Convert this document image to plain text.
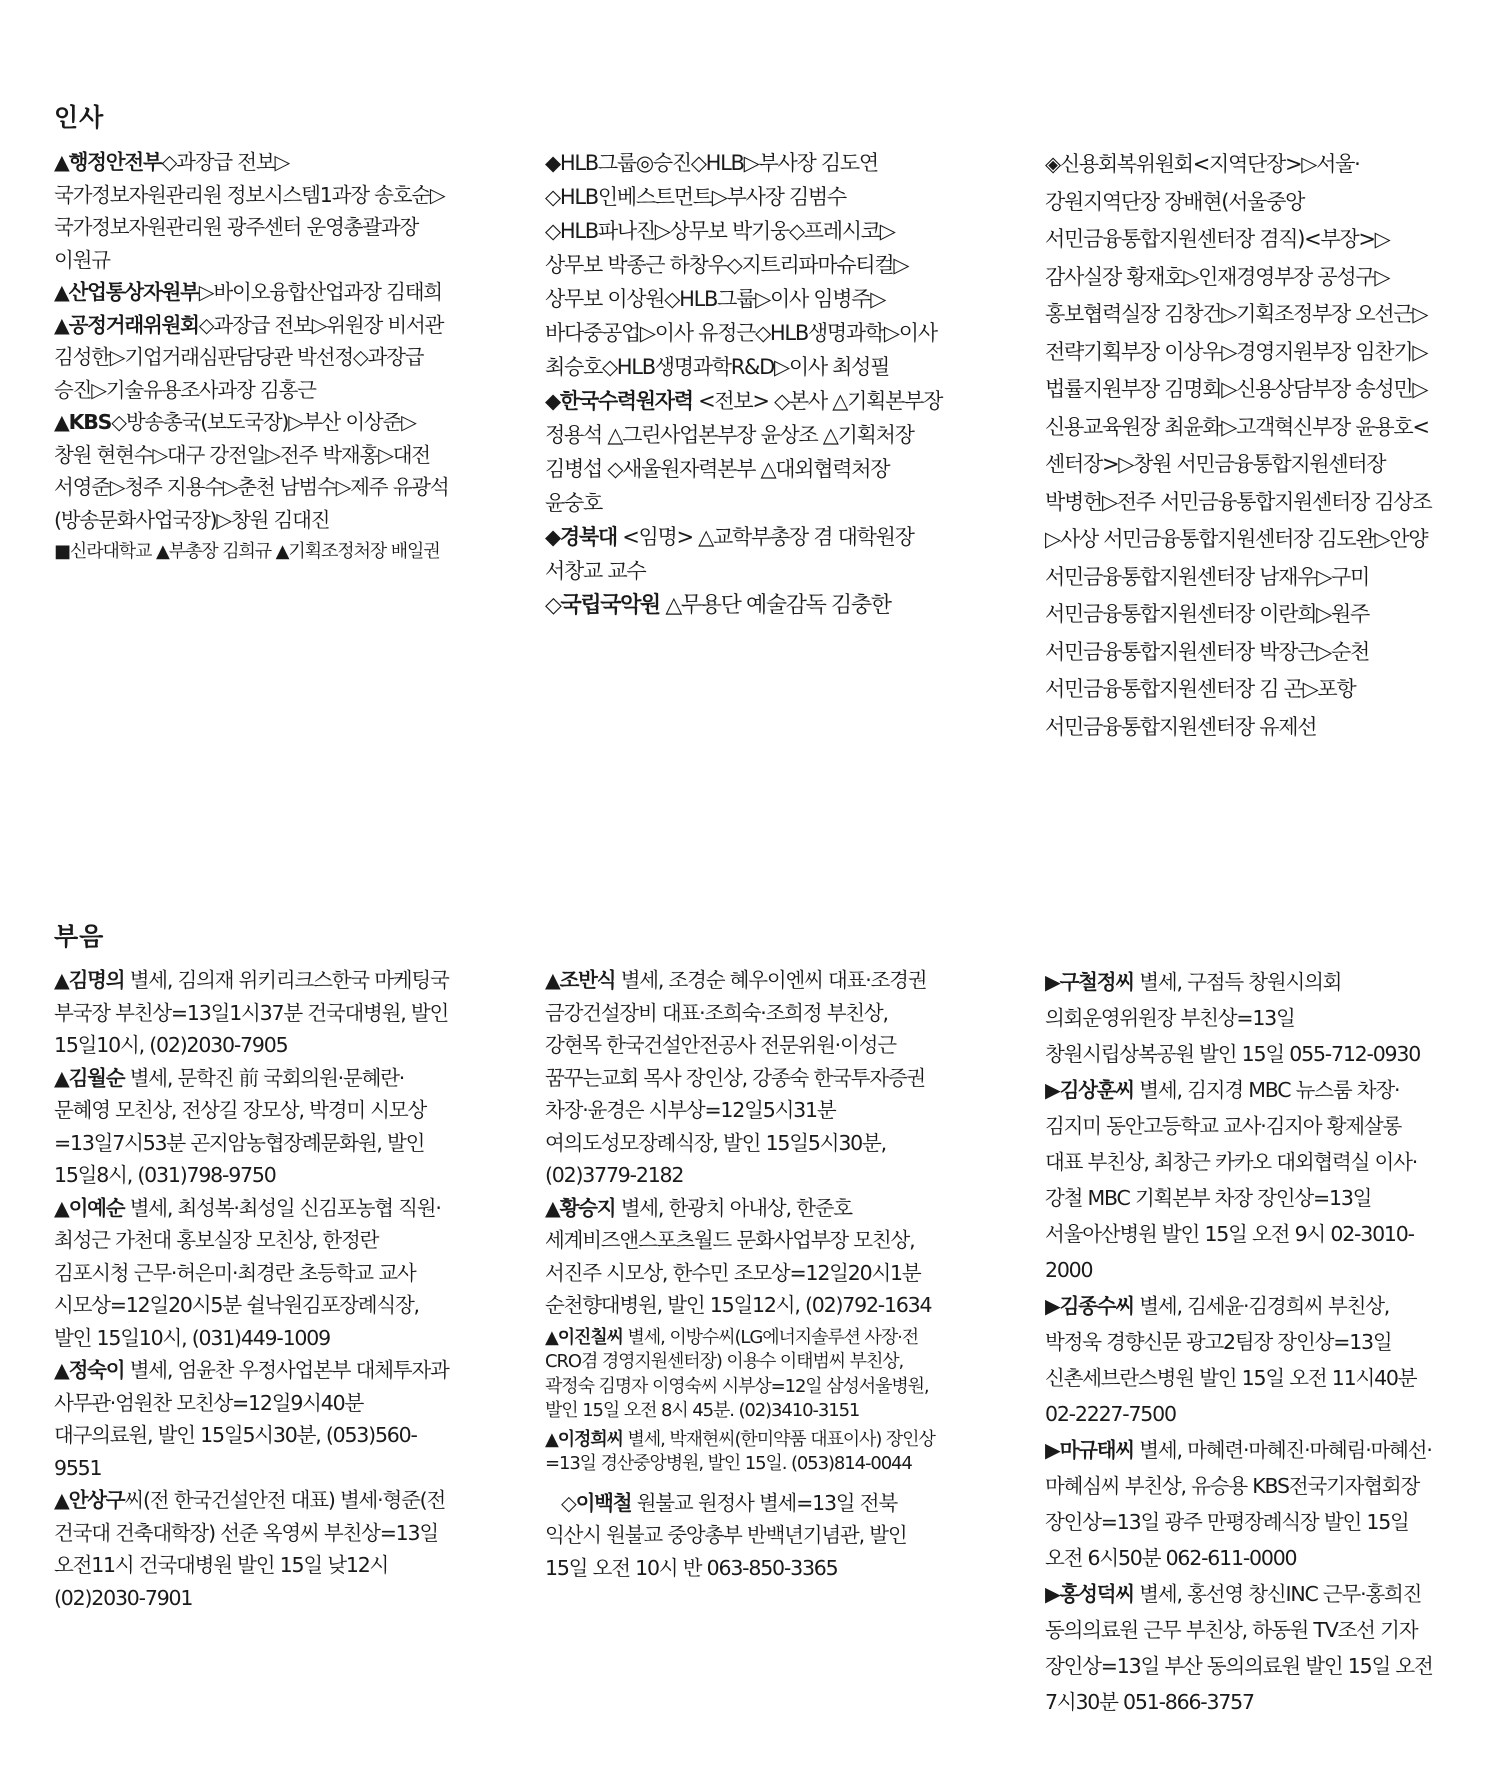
인사
▲행정안전부◇과장급 전보▷국가정보자원관리원 정보시스템1과장 송호순▷국가정보자원관리원 광주센터 운영총괄과장 이원규
▲산업통상자원부▷바이오융합산업과장 김태희
▲공정거래위원회◇과장급 전보▷위원장 비서관 김성한▷기업거래심판담당관 박선정◇과장급 승진▷기술유용조사과장 김홍근
▲KBS◇방송총국(보도국장)▷부산 이상준▷창원 현현수▷대구 강전일▷전주 박재홍▷대전 서영준▷청주 지용수▷춘천 남범수▷제주 유광석(방송문화사업국장)▷창원 김대진
■신라대학교 ▲부총장 김희규 ▲기획조정처장 배일권
◆HLB그룹◎승진◇HLB▷부사장 김도연◇HLB인베스트먼트▷부사장 김범수◇HLB파나진▷상무보 박기웅◇프레시코▷상무보 박종근 하창우◇지트리파마슈티컬▷상무보 이상원◇HLB그룹▷이사 임병주▷바다중공업▷이사 유정근◇HLB생명과학▷이사 최승호◇HLB생명과학R&D▷이사 최성필
◆한국수력원자력 <전보> ◇본사 △기획본부장 정용석 △그린사업본부장 윤상조 △기획처장 김병섭 ◇새울원자력본부 △대외협력처장 윤숭호
◆경북대 <임명> △교학부총장 겸 대학원장 서창교 교수
◇국립국악원 △무용단 예술감독 김충한
◈신용회복위원회<지역단장>▷서울·강원지역단장 장배현(서울중앙 서민금융통합지원센터장 겸직)<부장>▷감사실장 황재호▷인재경영부장 공성구▷홍보협력실장 김창건▷기획조정부장 오선근▷전략기획부장 이상우▷경영지원부장 임찬기▷법률지원부장 김명회▷신용상담부장 송성민▷신용교육원장 최윤화▷고객혁신부장 윤용호<센터장>▷창원 서민금융통합지원센터장 박병헌▷전주 서민금융통합지원센터장 김상조▷사상 서민금융통합지원센터장 김도완▷안양 서민금융통합지원센터장 남재우▷구미 서민금융통합지원센터장 이란희▷원주 서민금융통합지원센터장 박장근▷순천 서민금융통합지원센터장 김 곤▷포항 서민금융통합지원센터장 유제선
부음
▲김명의 별세, 김의재 위키리크스한국 마케팅국 부국장 부친상=13일1시37분 건국대병원, 발인 15일10시, (02)2030-7905
▲김월순 별세, 문학진 前 국회의원·문혜란·문혜영 모친상, 전상길 장모상, 박경미 시모상=13일7시53분 곤지암농협장례문화원, 발인 15일8시, (031)798-9750
▲이예순 별세, 최성복·최성일 신김포농협 직원·최성근 가천대 홍보실장 모친상, 한정란 김포시청 근무·허은미·최경란 초등학교 교사 시모상=12일20시5분 쉴낙원김포장례식장, 발인 15일10시, (031)449-1009
▲정숙이 별세, 엄윤찬 우정사업본부 대체투자과 사무관·엄원찬 모친상=12일9시40분 대구의료원, 발인 15일5시30분, (053)560-9551
▲안상구씨(전 한국건설안전 대표) 별세·형준(전 건국대 건축대학장) 선준 옥영씨 부친상=13일 오전11시 건국대병원 발인 15일 낮12시(02)2030-7901
▲조반식 별세, 조경순 혜우이엔씨 대표·조경권 금강건설장비 대표·조희숙·조희정 부친상, 강현목 한국건설안전공사 전문위원·이성근 꿈꾸는교회 목사 장인상, 강종숙 한국투자증권 차장·윤경은 시부상=12일5시31분 여의도성모장례식장, 발인 15일5시30분, (02)3779-2182
▲황승지 별세, 한광치 아내상, 한준호 세계비즈앤스포츠월드 문화사업부장 모친상, 서진주 시모상, 한수민 조모상=12일20시1분 순천향대병원, 발인 15일12시, (02)792-1634
▲이진칠씨 별세, 이방수씨(LG에너지솔루션 사장·전 CRO겸 경영지원센터장) 이용수 이태범씨 부친상, 곽정숙 김명자 이영숙씨 시부상=12일 삼성서울병원, 발인 15일 오전 8시 45분. (02)3410-3151
▲이정희씨 별세, 박재현씨(한미약품 대표이사) 장인상=13일 경산중앙병원, 발인 15일. (053)814-0044
◇이백철 원불교 원정사 별세=13일 전북 익산시 원불교 중앙총부 반백년기념관, 발인 15일 오전 10시 반 063-850-3365
▶구철정씨 별세, 구점득 창원시의회 의회운영위원장 부친상=13일 창원시립상복공원 발인 15일 055-712-0930
▶김상훈씨 별세, 김지경 MBC 뉴스룸 차장·김지미 동안고등학교 교사·김지아 황제살롱 대표 부친상, 최창근 카카오 대외협력실 이사·강철 MBC 기획본부 차장 장인상=13일 서울아산병원 발인 15일 오전 9시 02-3010-2000
▶김종수씨 별세, 김세윤·김경희씨 부친상, 박정욱 경향신문 광고2팀장 장인상=13일 신촌세브란스병원 발인 15일 오전 11시40분 02-2227-7500
▶마규태씨 별세, 마혜련·마혜진·마혜림·마혜선·마혜심씨 부친상, 유승용 KBS전국기자협회장 장인상=13일 광주 만평장례식장 발인 15일 오전 6시50분 062-611-0000
▶홍성덕씨 별세, 홍선영 창신INC 근무·홍희진 동의의료원 근무 부친상, 하동원 TV조선 기자 장인상=13일 부산 동의의료원 발인 15일 오전 7시30분 051-866-3757
